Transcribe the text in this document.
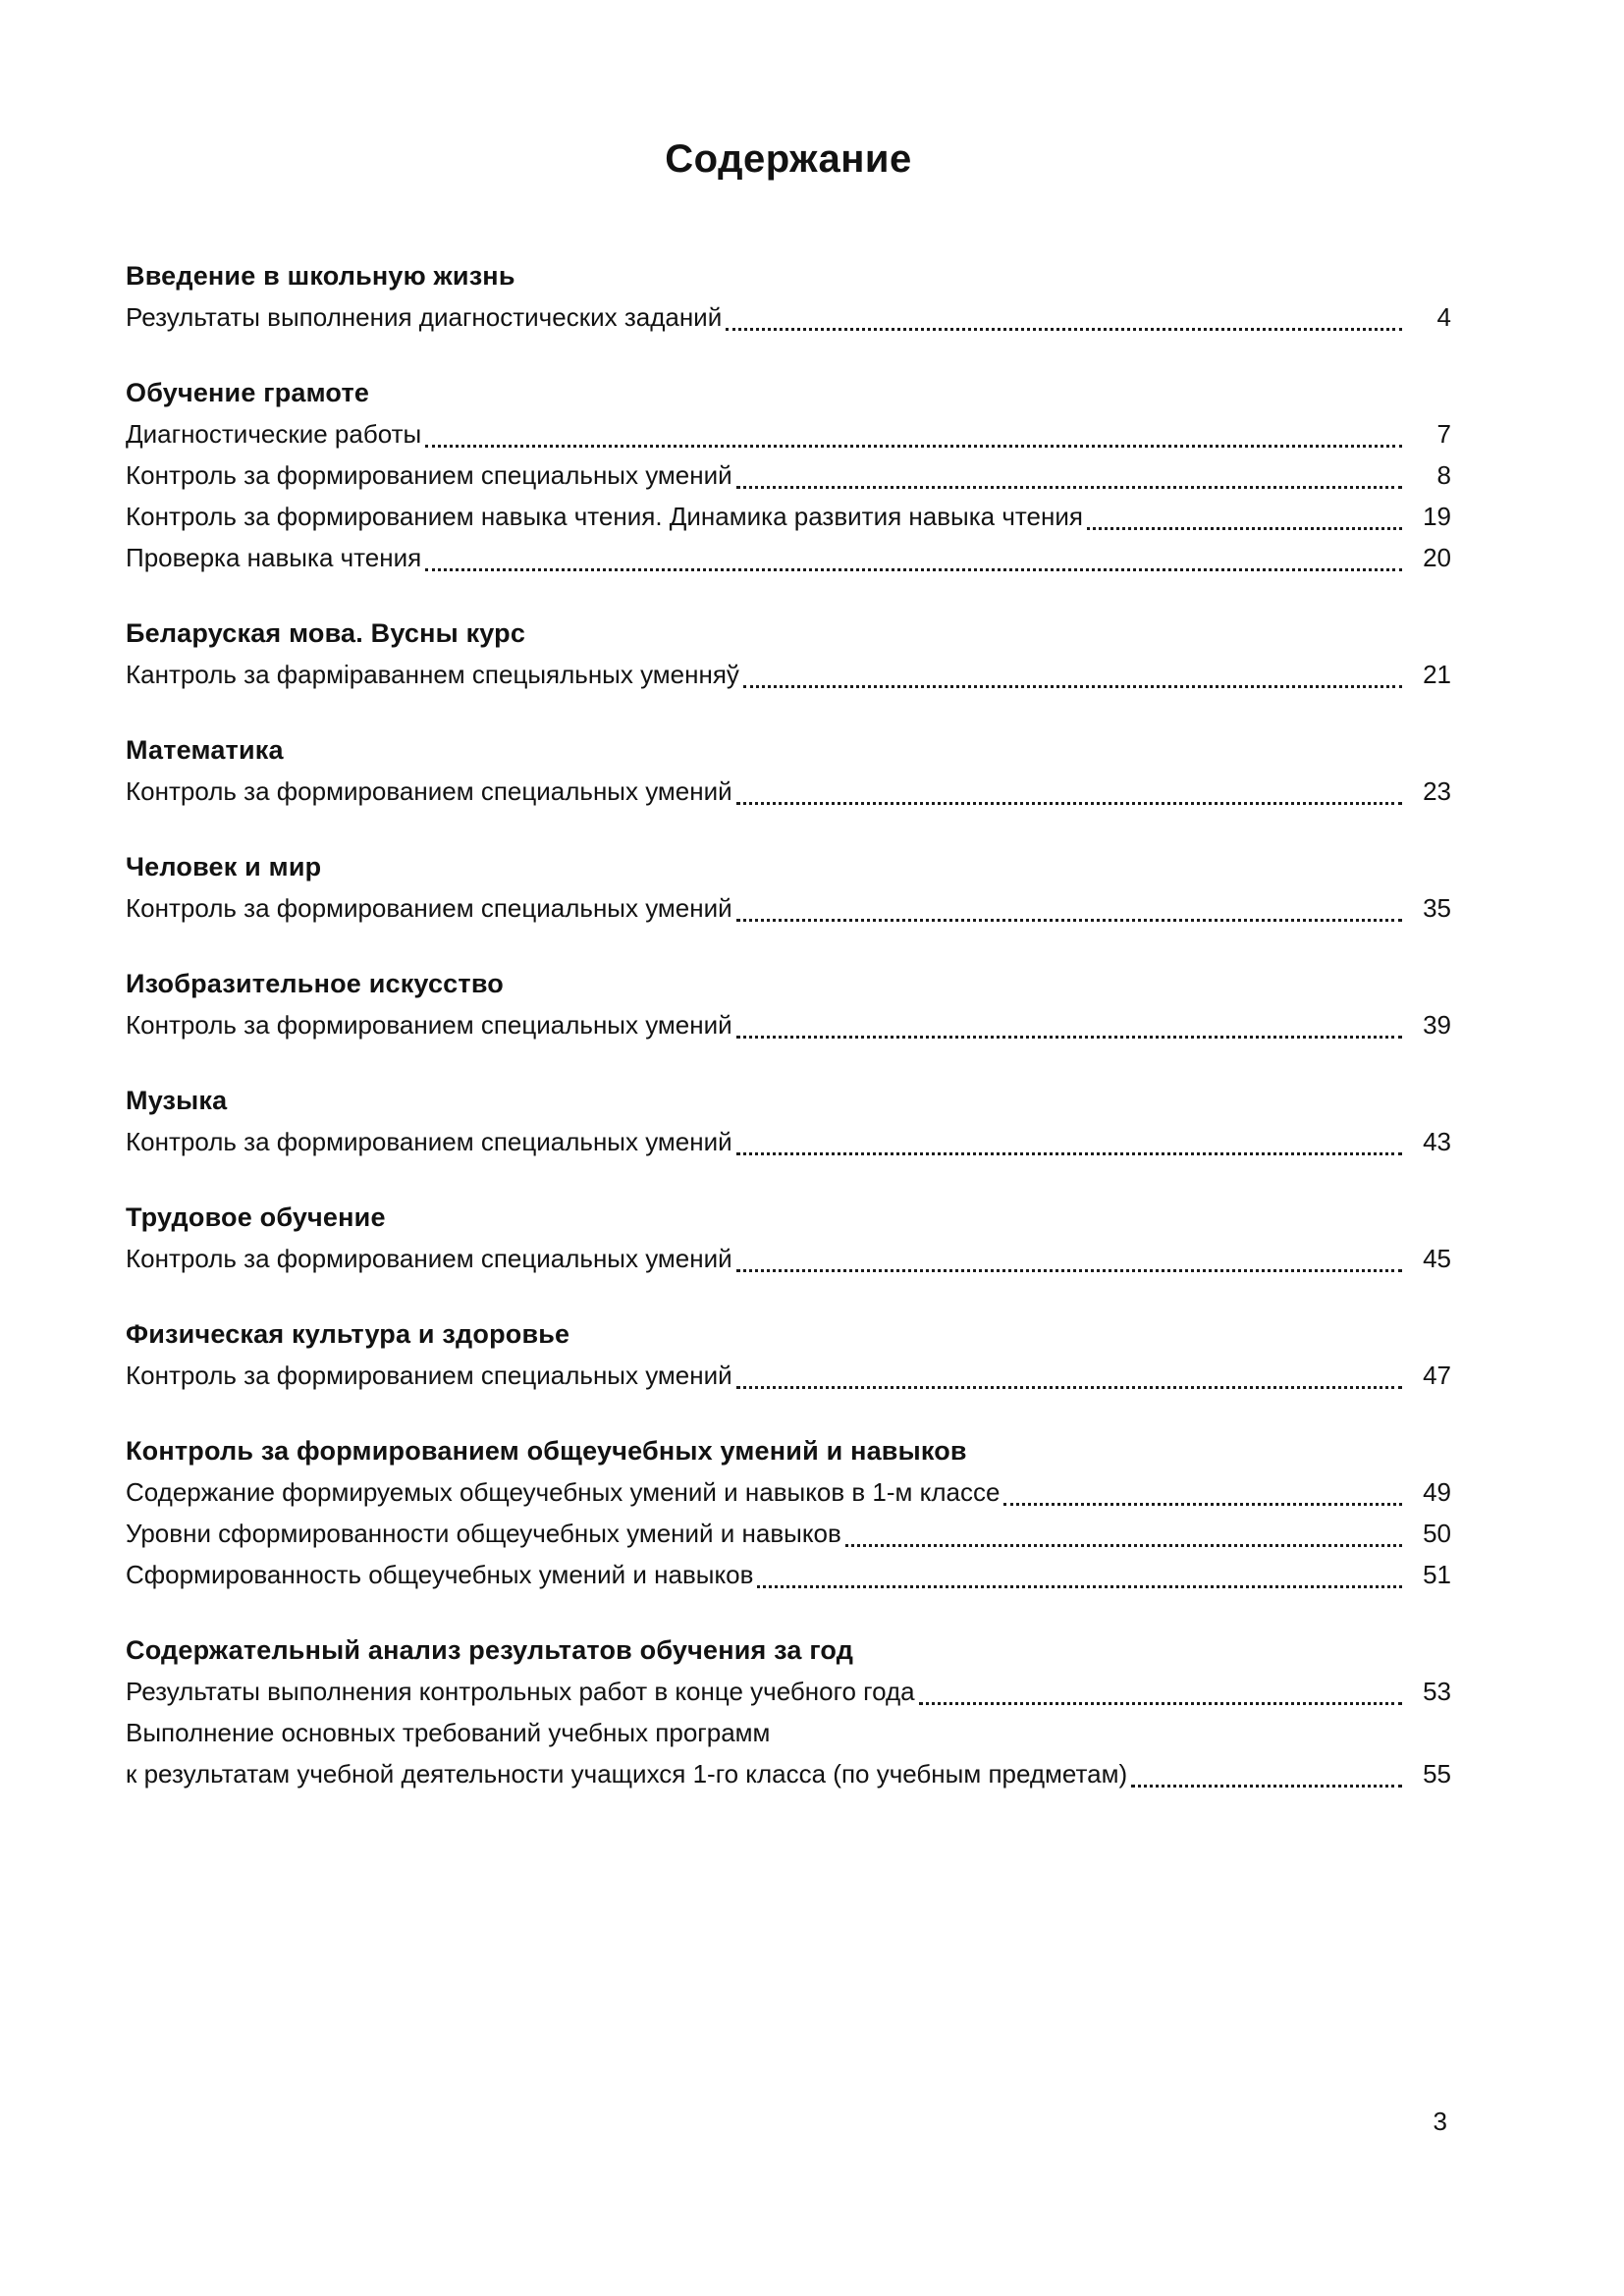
Содержание
Введение в школьную жизнь
Результаты выполнения диагностических заданий	4
Обучение грамоте
Диагностические работы	7
Контроль за формированием специальных умений	8
Контроль за формированием навыка чтения. Динамика развития навыка чтения	19
Проверка навыка чтения	20
Беларуская мова. Вусны курс
Кантроль за фарміраваннем спецыяльных уменняў	21
Математика
Контроль за формированием специальных умений	23
Человек и мир
Контроль за формированием специальных умений	35
Изобразительное искусство
Контроль за формированием специальных умений	39
Музыка
Контроль за формированием специальных умений	43
Трудовое обучение
Контроль за формированием специальных умений	45
Физическая культура и здоровье
Контроль за формированием специальных умений	47
Контроль за формированием общеучебных умений и навыков
Содержание формируемых общеучебных умений и навыков в 1-м классе	49
Уровни сформированности общеучебных умений и навыков	50
Сформированность общеучебных умений и навыков	51
Содержательный анализ результатов обучения за год
Результаты выполнения контрольных работ в конце учебного года	53
Выполнение основных требований учебных программ
к результатам учебной деятельности учащихся 1-го класса (по учебным предметам)	55
3
